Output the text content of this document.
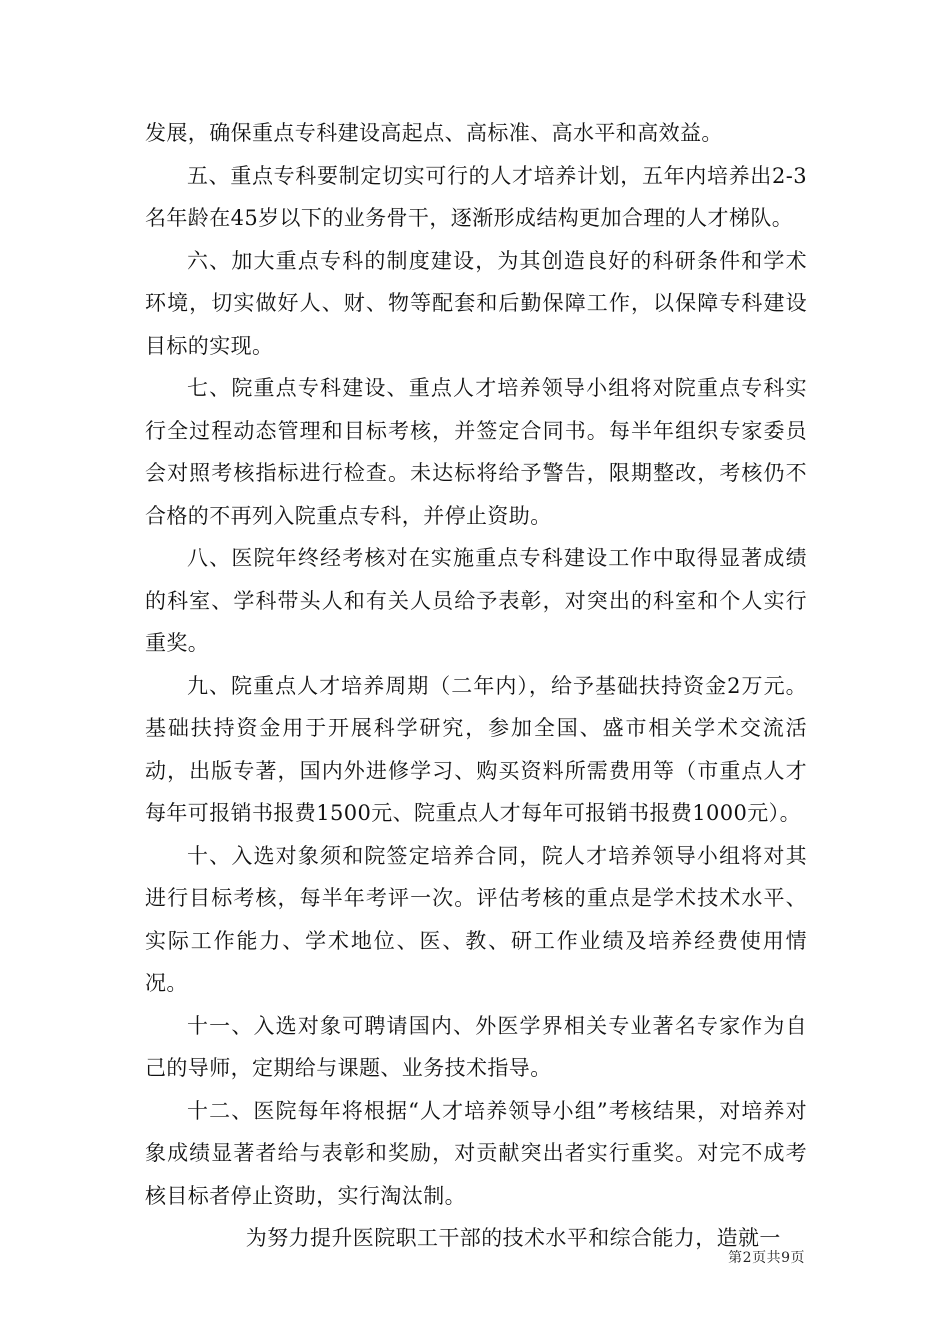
发展，确保重点专科建设高起点、高标准、高水平和高效益。

五、重点专科要制定切实可行的人才培养计划，五年内培养出2-3名年龄在45岁以下的业务骨干，逐渐形成结构更加合理的人才梯队。

六、加大重点专科的制度建设，为其创造良好的科研条件和学术环境，切实做好人、财、物等配套和后勤保障工作，以保障专科建设目标的实现。

七、院重点专科建设、重点人才培养领导小组将对院重点专科实行全过程动态管理和目标考核，并签定合同书。每半年组织专家委员会对照考核指标进行检查。未达标将给予警告，限期整改，考核仍不合格的不再列入院重点专科，并停止资助。

八、医院年终经考核对在实施重点专科建设工作中取得显著成绩的科室、学科带头人和有关人员给予表彰，对突出的科室和个人实行重奖。

九、院重点人才培养周期（二年内），给予基础扶持资金2万元。基础扶持资金用于开展科学研究，参加全国、盛市相关学术交流活动，出版专著，国内外进修学习、购买资料所需费用等（市重点人才每年可报销书报费1500元、院重点人才每年可报销书报费1000元）。

十、入选对象须和院签定培养合同，院人才培养领导小组将对其进行目标考核，每半年考评一次。评估考核的重点是学术技术水平、实际工作能力、学术地位、医、教、研工作业绩及培养经费使用情况。

十一、入选对象可聘请国内、外医学界相关专业著名专家作为自己的导师，定期给与课题、业务技术指导。

十二、医院每年将根据“人才培养领导小组”考核结果，对培养对象成绩显著者给与表彰和奖励，对贡献突出者实行重奖。对完不成考核目标者停止资助，实行淘汰制。

为努力提升医院职工干部的技术水平和综合能力，造就一

第2页共9页
